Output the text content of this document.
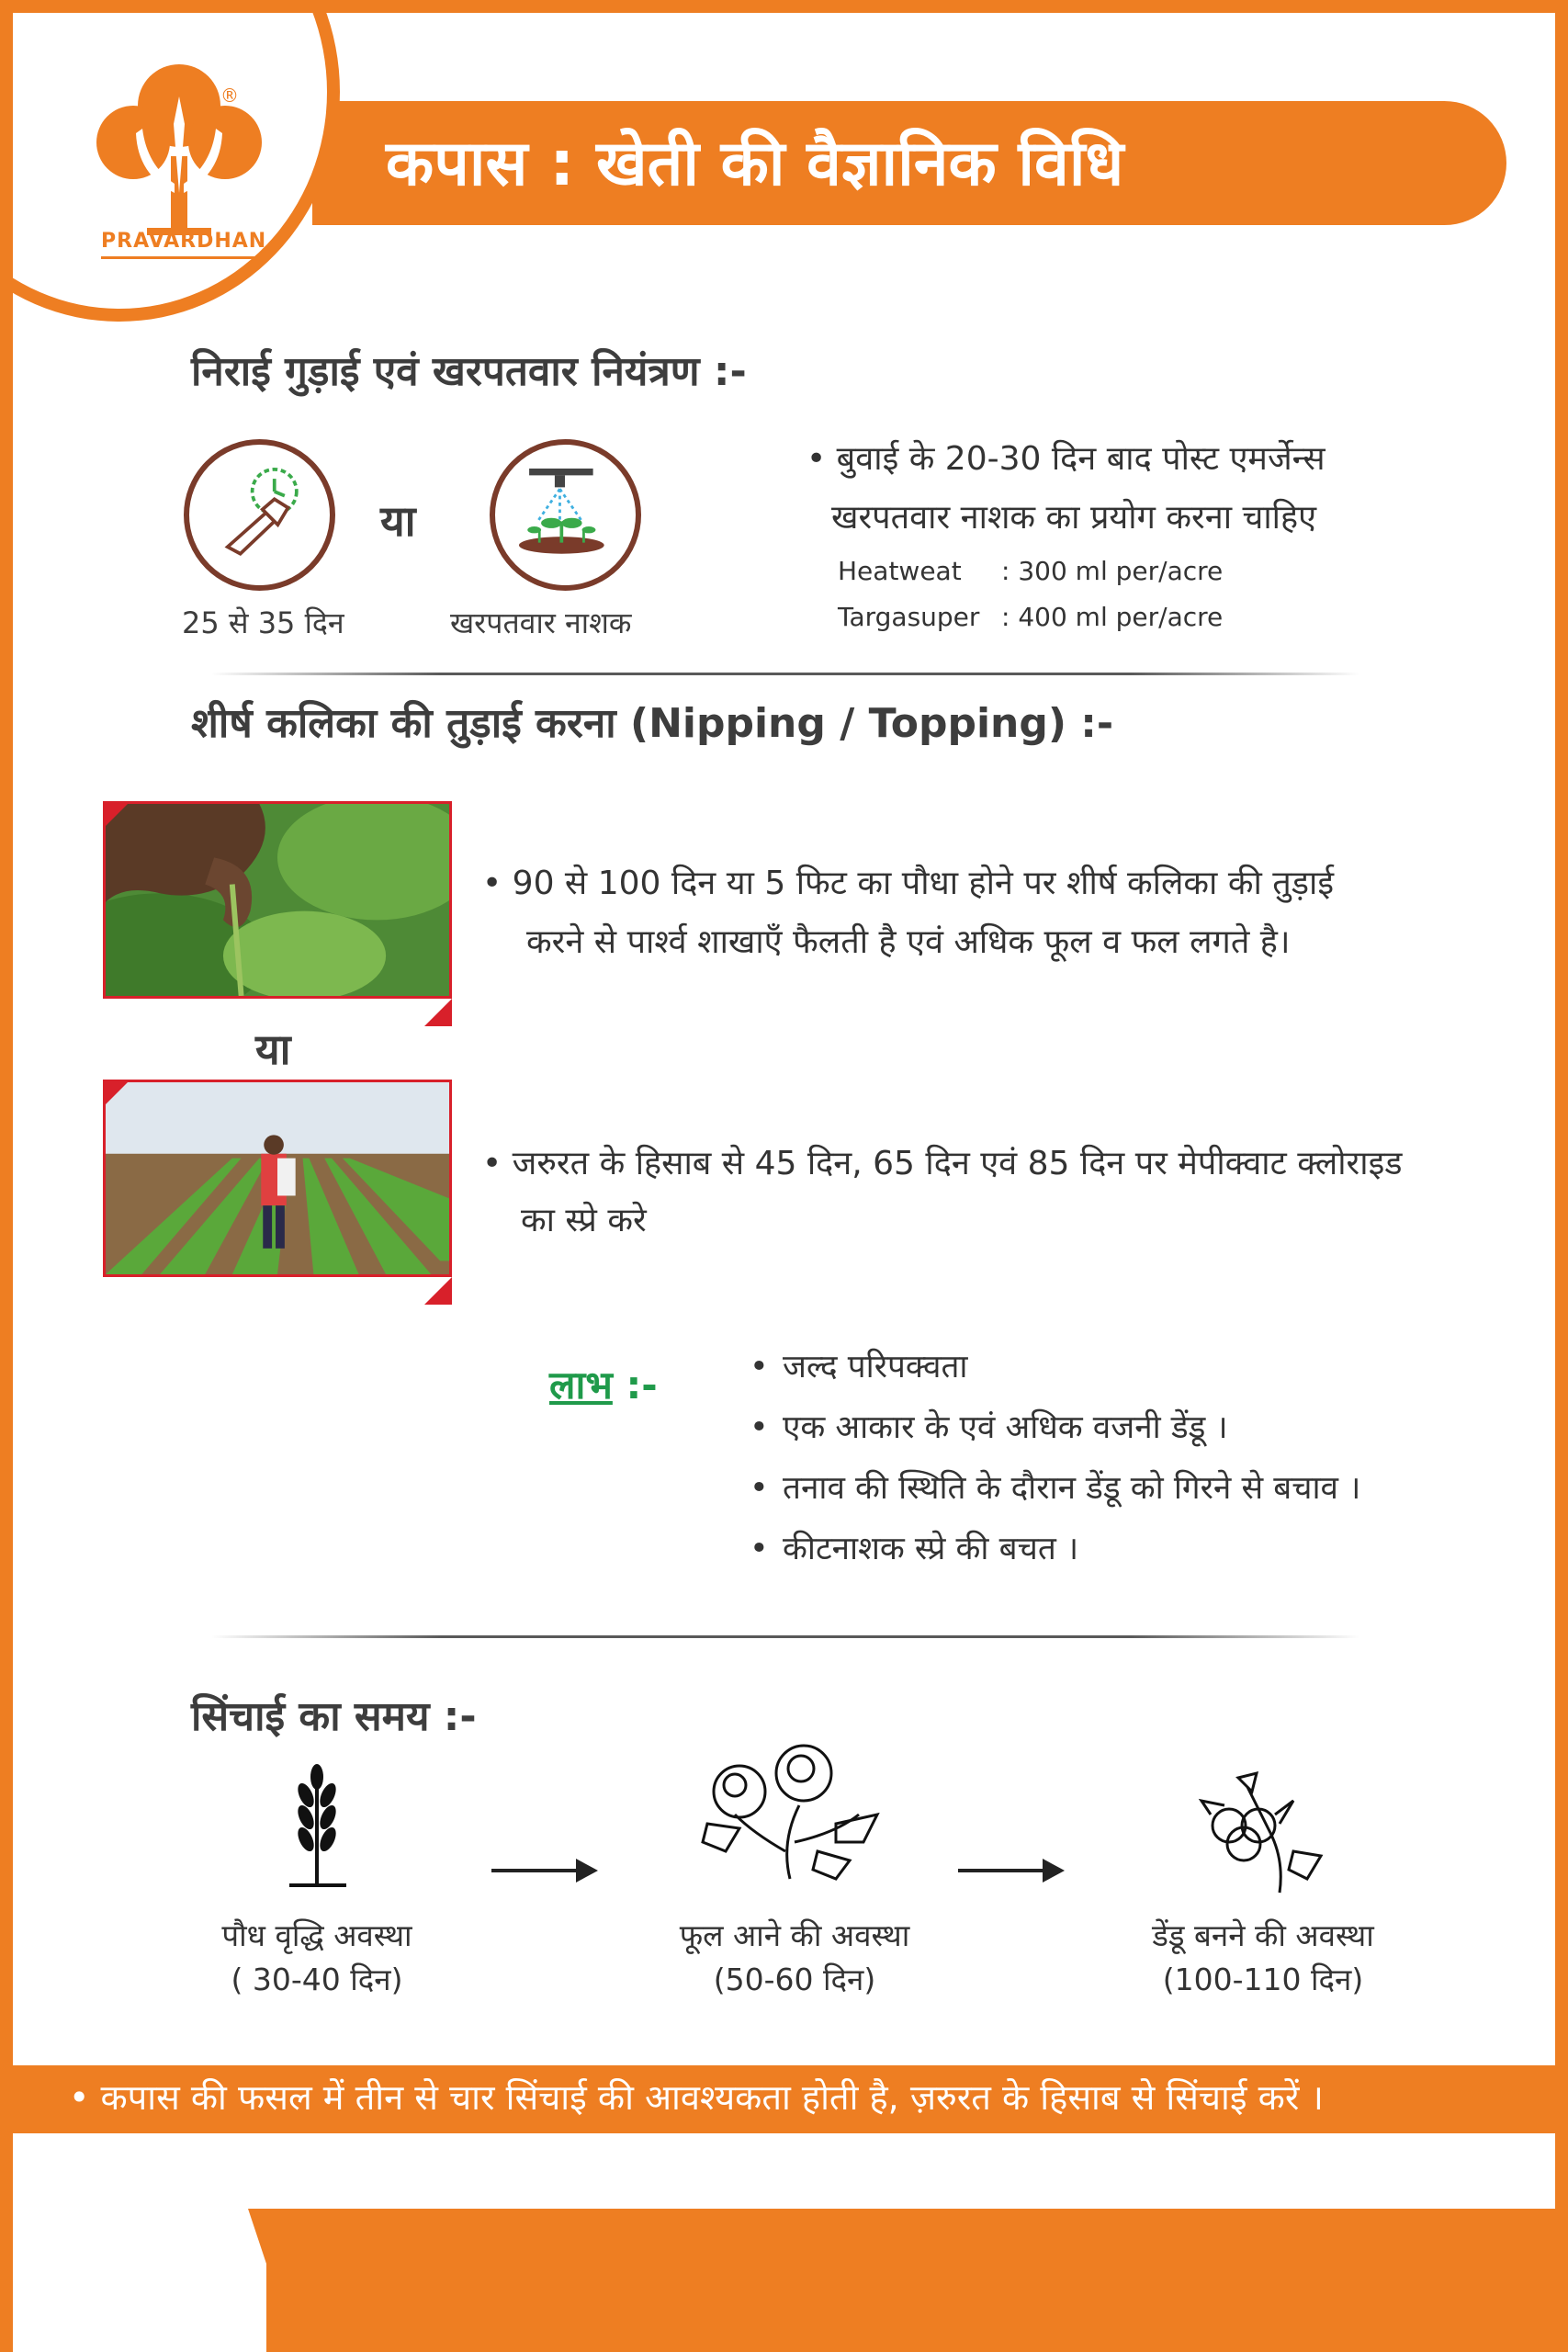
कपास : खेती की वैज्ञानिक विधि
®
PRAVARDHAN
निराई गुड़ाई एवं खरपतवार नियंत्रण :-
या
25 से 35 दिन	खरपतवार नाशक
• बुवाई के 20-30 दिन बाद पोस्ट एमर्जेन्स
खरपतवार नाशक का प्रयोग करना चाहिए
Heatweat : 300 ml per/acre
Targasuper : 400 ml per/acre
शीर्ष कलिका की तुड़ाई करना (Nipping / Topping) :-
• 90 से 100 दिन या 5 फिट का पौधा होने पर शीर्ष कलिका की तुड़ाई
करने से पार्श्व शाखाएँ फैलती है एवं अधिक फूल व फल लगते है।
या
• जरुरत के हिसाब से 45 दिन, 65 दिन एवं 85 दिन पर मेपीक्वाट क्लोराइड
का स्प्रे करे
लाभ :-
•	जल्द परिपक्वता
• एक आकार के एवं अधिक वजनी डेंडू ।
• तनाव की स्थिति के दौरान डेंडू को गिरने से बचाव ।
• कीटनाशक स्प्रे की बचत ।
सिंचाई का समय :-
पौध वृद्धि अवस्था
( 30-40 दिन)
फूल आने की अवस्था
(50-60 दिन)
डेंडू बनने की अवस्था
(100-110 दिन)
• कपास की फसल में तीन से चार सिंचाई की आवश्यकता होती है, ज़रुरत के हिसाब से सिंचाई करें ।
